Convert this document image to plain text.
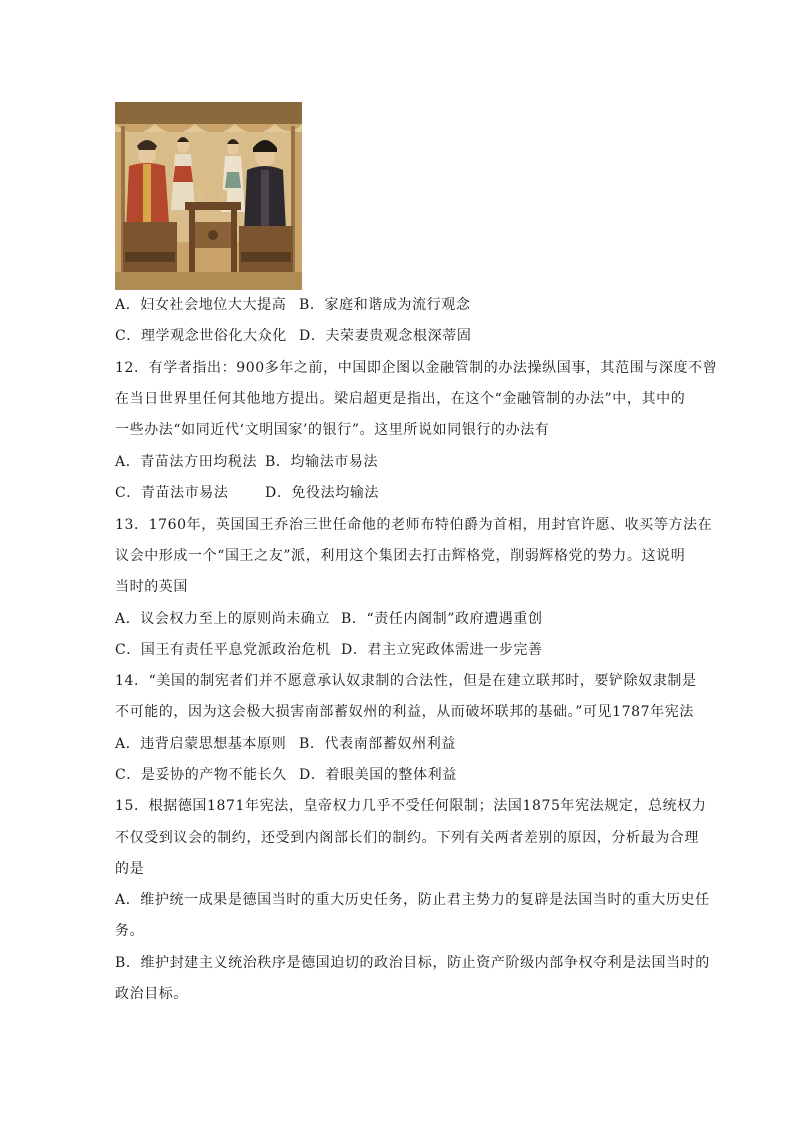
A．妇女社会地位大大提高 B．家庭和谐成为流行观念
C．理学观念世俗化大众化 D．夫荣妻贵观念根深蒂固
12．有学者指出：900多年之前，中国即企图以金融管制的办法操纵国事，其范围与深度不曾
在当日世界里任何其他地方提出。梁启超更是指出，在这个“金融管制的办法”中，其中的
一些办法“如同近代‘文明国家’的银行”。这里所说如同银行的办法有
A．青苗法方田均税法 B．均输法市易法
C．青苗法市易法	D．免役法均输法
13．1760年，英国国王乔治三世任命他的老师布特伯爵为首相，用封官许愿、收买等方法在
议会中形成一个“国王之友”派，利用这个集团去打击辉格党，削弱辉格党的势力。这说明
当时的英国
A．议会权力至上的原则尚未确立 B．“责任内阁制”政府遭遇重创
C．国王有责任平息党派政治危机 D．君主立宪政体需进一步完善
14．“美国的制宪者们并不愿意承认奴隶制的合法性，但是在建立联邦时，要铲除奴隶制是
不可能的，因为这会极大损害南部蓄奴州的利益，从而破坏联邦的基础。”可见1787年宪法
A．违背启蒙思想基本原则 B．代表南部蓄奴州利益
C．是妥协的产物不能长久 D．着眼美国的整体利益
15．根据德国1871年宪法，皇帝权力几乎不受任何限制；法国1875年宪法规定，总统权力
不仅受到议会的制约，还受到内阁部长们的制约。下列有关两者差别的原因，分析最为合理
的是
A．维护统一成果是德国当时的重大历史任务，防止君主势力的复辟是法国当时的重大历史任
务。
B．维护封建主义统治秩序是德国迫切的政治目标，防止资产阶级内部争权夺利是法国当时的
政治目标。
